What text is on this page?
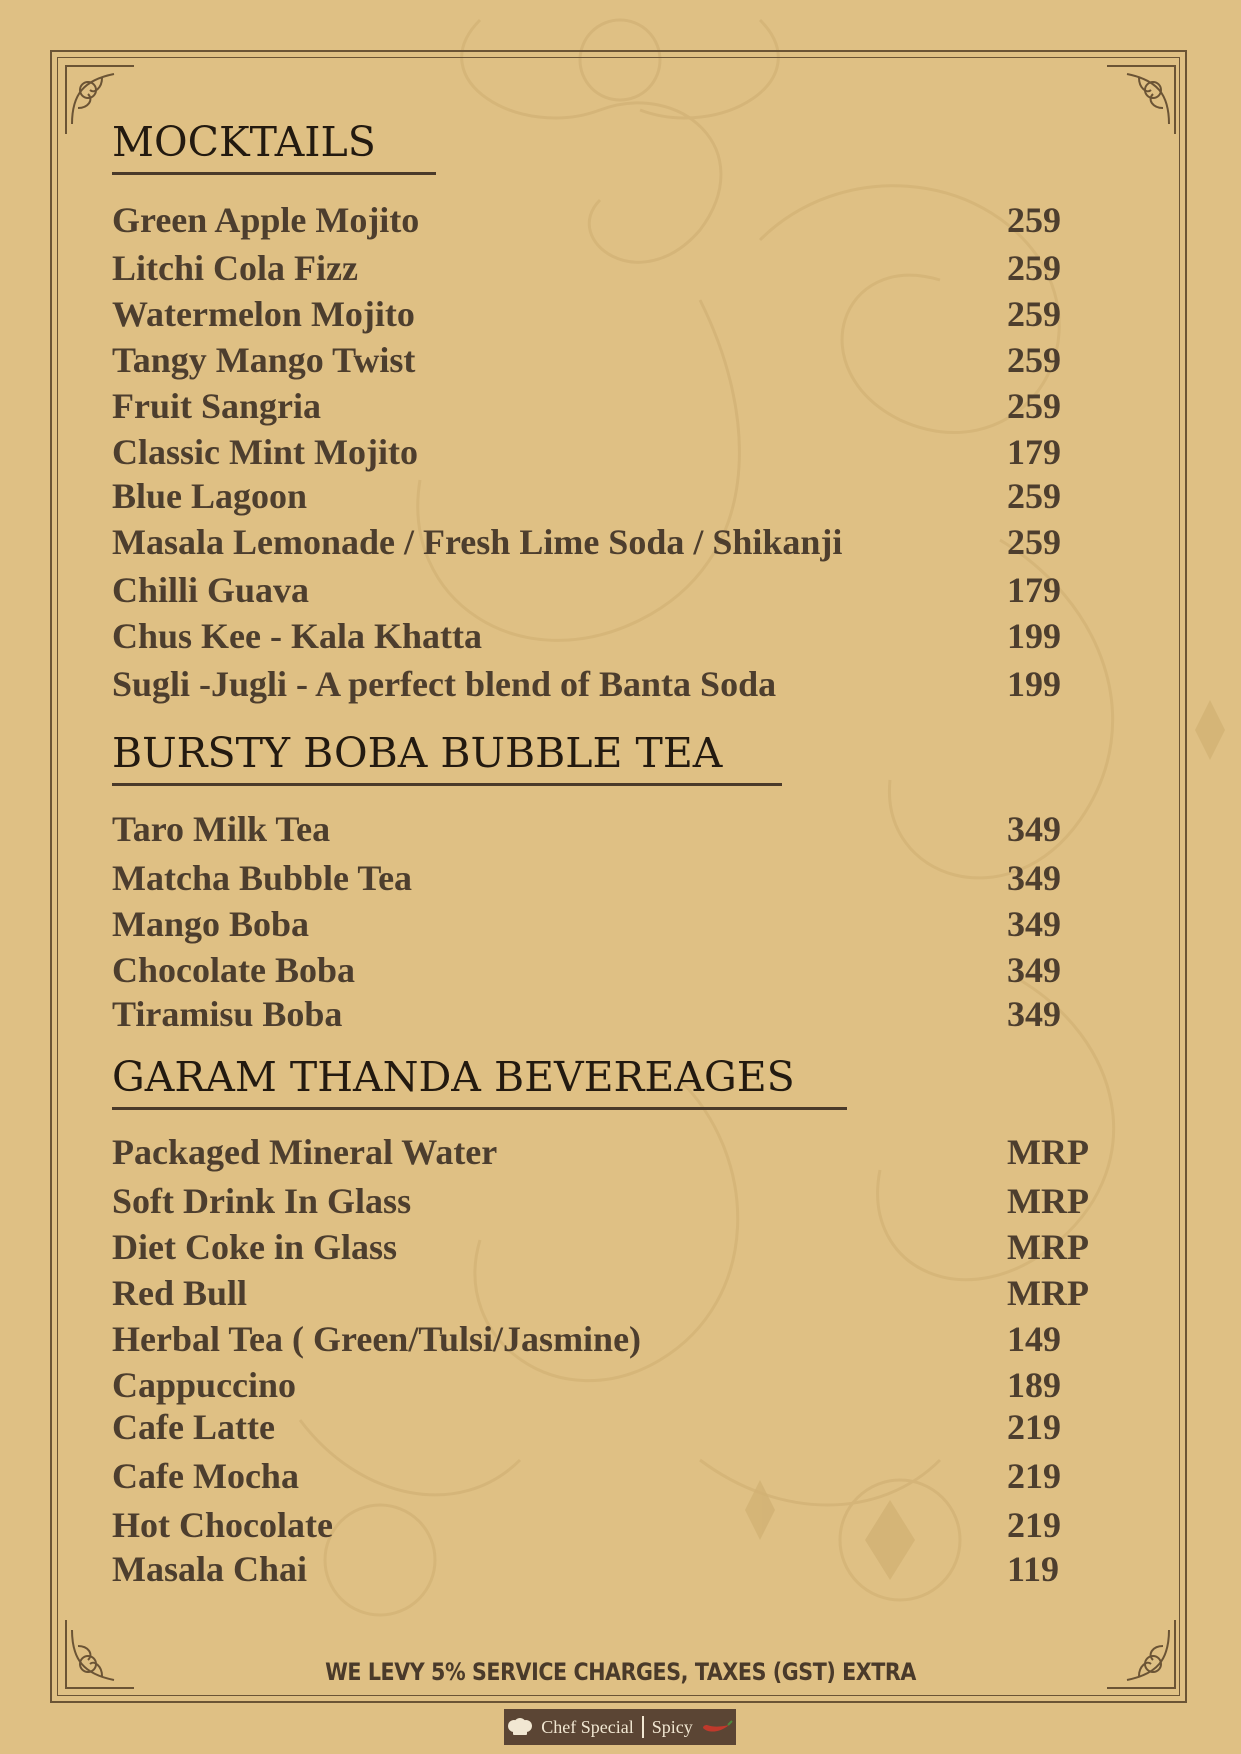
MOCKTAILS
Green Apple Mojito	259
Litchi Cola Fizz	259
Watermelon Mojito	259
Tangy Mango Twist	259
Fruit Sangria	259
Classic Mint Mojito	179
Blue Lagoon	259
Masala Lemonade / Fresh Lime Soda / Shikanji	259
Chilli Guava	179
Chus Kee - Kala Khatta	199
Sugli -Jugli - A perfect blend of Banta Soda	199
BURSTY BOBA BUBBLE TEA
Taro Milk Tea	349
Matcha Bubble Tea	349
Mango Boba	349
Chocolate Boba	349
Tiramisu Boba	349
GARAM THANDA BEVEREAGES
Packaged Mineral Water	MRP
Soft Drink In Glass	MRP
Diet Coke in Glass	MRP
Red Bull	MRP
Herbal Tea ( Green/Tulsi/Jasmine)	149
Cappuccino	189
Cafe Latte	219
Cafe Mocha	219
Hot Chocolate	219
Masala Chai	119
WE LEVY 5% SERVICE CHARGES, TAXES (GST) EXTRA
Chef Special Spicy
